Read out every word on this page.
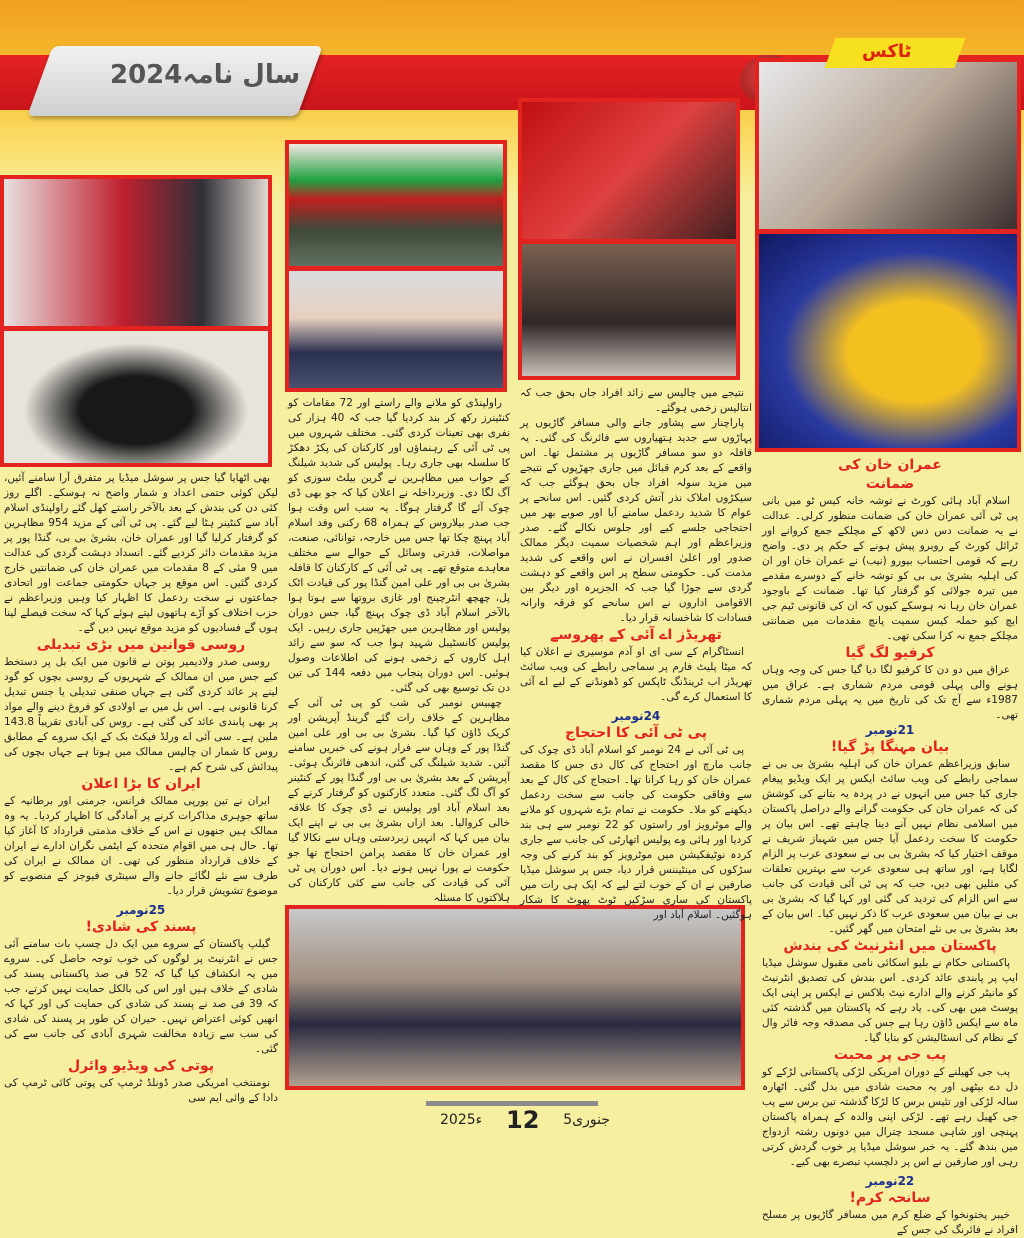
سال نامہ2024
ٹاکس
عمران خان کی
ضمانت

اسلام آباد ہائی کورٹ نے توشہ خانہ کیس ٹو میں بانی پی ٹی آئی عمران خان کی ضمانت منظور کرلی۔ عدالت نے یہ ضمانت دس دس لاکھ کے مچلکے جمع کروانے اور ٹرائل کورٹ کے روبرو پیش ہونے کے حکم پر دی۔ واضح رہے کہ قومی احتساب بیورو (نیب) نے عمران خان اور ان کی اہلیہ بشریٰ بی بی کو توشہ خانے کے دوسرے مقدمے میں تیرہ جولائی کو گرفتار کیا تھا۔ ضمانت کے باوجود عمران خان رہا نہ ہوسکے کیوں کہ ان کی قانونی ٹیم جی ایچ کیو حملہ کیس سمیت پانچ مقدمات میں ضمانتی مچلکے جمع نہ کرا سکی تھی۔

کرفیو لگ گیا

عراق میں دو دن کا کرفیو لگا دیا گیا جس کی وجہ وہاں ہونے والی پہلی قومی مردم شماری ہے۔ عراق میں 1987ء سے آج تک کی تاریخ میں یہ پہلی مردم شماری تھی۔

21نومبر
بیان مہنگا پڑ گیا!

سابق وزیراعظم عمران خان کی اہلیہ بشریٰ بی بی نے سماجی رابطے کی ویب سائٹ ایکس پر ایک ویڈیو پیغام جاری کیا جس میں انہوں نے در پردہ یہ بتانے کی کوشش کی کہ عمران خان کی حکومت گرانے والے دراصل پاکستان میں اسلامی نظام نہیں آنے دینا چاہتے تھے۔ اس بیان پر حکومت کا سخت ردعمل آیا جس میں شہباز شریف نے موقف اختیار کیا کہ بشریٰ بی بی نے سعودی عرب پر الزام لگایا ہے، اور ساتھ ہی سعودی عرب سے بہترین تعلقات کی مثلیں بھی دیں، جب کہ پی ٹی آئی قیادت کی جانب سے اس الزام کی تردید کی گئی اور کہا گیا کہ بشریٰ بی بی نے بیان میں سعودی عرب کا ذکر نہیں کیا۔ اس بیان کے بعد بشریٰ بی بی نئے امتحان میں گھر گئیں۔

پاکستان میں انٹرنیٹ کی بندش

پاکستانی حکام نے بلیو اسکائی نامی مقبول سوشل میڈیا ایپ پر پابندی عائد کردی۔ اس بندش کی تصدیق انٹرنیٹ کو مانیٹر کرنے والے ادارے نیٹ بلاکس نے ایکس پر اپنی ایک پوسٹ میں بھی کی۔ یاد رہے کہ پاکستان میں گذشتہ کئی ماہ سے ایکس ڈاؤن رہا ہے جس کی مصدقہ وجہ فائر وال کے نظام کی انسٹالیشن کو بتایا گیا۔

پب جی پر محبت

پب جی کھیلنے کے دوران امریکی لڑکی پاکستانی لڑکے کو دل دے بیٹھی اور یہ محبت شادی میں بدل گئی۔ اٹھارہ سالہ لڑکی اور تئیس برس کا لڑکا گذشتہ تین برس سے پب جی کھیل رہے تھے۔ لڑکی اپنی والدہ کے ہمراہ پاکستان پہنچی اور شاہی مسجد چترال میں دونوں رشتہ ازدواج میں بندھ گئے۔ یہ خبر سوشل میڈیا پر خوب گردش کرتی رہی اور صارفین نے اس پر دلچسپ تبصرے بھی کیے۔

22نومبر
سانحہ کرم!

خیبر پختونخوا کے ضلع کرم میں مسافر گاڑیوں پر مسلح افراد نے فائرنگ کی جس کے

نتیجے میں چالیس سے زائد افراد جاں بحق جب کہ انتالیس زخمی ہوگئے۔

پاراچنار سے پشاور جانے والی مسافر گاڑیوں پر پہاڑوں سے جدید ہتھیاروں سے فائرنگ کی گئی۔ یہ قافلہ دو سو مسافر گاڑیوں پر مشتمل تھا۔ اس واقعے کے بعد کرم قبائل میں جاری جھڑپوں کے نتیجے میں مزید سولہ افراد جاں بحق ہوگئے جب کہ سیکڑوں املاک نذر آتش کردی گئیں۔ اس سانحے پر عوام کا شدید ردعمل سامنے آیا اور صوبے بھر میں احتجاجی جلسے کیے اور جلوس نکالے گئے۔ صدر وزیراعظم اور اہم شخصیات سمیت دیگر ممالک صدور اور اعلیٰ افسران نے اس واقعے کی شدید مذمت کی۔ حکومتی سطح پر اس واقعے کو دہشت گردی سے جوڑا گیا جب کہ الجزیرہ اور دیگر بین الاقوامی اداروں نے اس سانحے کو فرقہ وارانہ فسادات کا شاخسانہ قرار دیا۔

تھریڈز اے آئی کے بھروسے

انسٹاگرام کے سی ای او آدم موسیری نے اعلان کیا کہ میٹا پلیٹ فارم پر سماجی رابطے کی ویب سائٹ تھریڈز اب ٹرینڈنگ ٹاپکس کو ڈھونڈنے کے لیے اے آئی کا استعمال کرے گی۔

24نومبر
پی ٹی آئی کا احتجاج

پی ٹی آئی نے 24 نومبر کو اسلام آباد ڈی چوک کی جانب مارچ اور احتجاج کی کال دی جس کا مقصد عمران خان کو رہا کرانا تھا۔ احتجاج کی کال کے بعد سے وفاقی حکومت کی جانب سے سخت ردعمل دیکھنے کو ملا۔ حکومت نے تمام بڑے شہروں کو ملانے والے موٹرویز اور راستوں کو 22 نومبر سے ہی بند کردیا اور ہائی وے پولیس اتھارٹی کی جانب سے جاری کردہ نوٹیفکیشن میں موٹرویز کو بند کرنے کی وجہ سڑکوں کی مینٹیننس قرار دیا، جس پر سوشل میڈیا صارفین نے ان کے خوب لتے لیے کہ ایک ہی رات میں پاکستان کی ساری سڑکیں ٹوٹ پھوٹ کا شکار ہوگئیں۔ اسلام آباد اور

راولپنڈی کو ملانے والے راستے اور 72 مقامات کو کنٹینرز رکھ کر بند کردیا گیا جب کہ 40 ہزار کی نفری بھی تعینات کردی گئی۔ مختلف شہروں میں پی ٹی آئی کے رہنماؤں اور کارکنان کی پکڑ دھکڑ کا سلسلہ بھی جاری رہا۔ پولیس کی شدید شیلنگ کے جواب میں مظاہرین نے گرین بیلٹ سوزی کو آگ لگا دی۔ وزیرداخلہ نے اعلان کیا کہ جو بھی ڈی چوک آئے گا گرفتار ہوگا۔ یہ سب اس وقت ہوا جب صدر بیلاروس کے ہمراہ 68 رکنی وفد اسلام آباد پہنچ چکا تھا جس میں خارجہ، توانائی، صنعت، مواصلات، قدرتی وسائل کے حوالے سے مختلف معاہدے متوقع تھے۔ پی ٹی آئی کے کارکنان کا قافلہ بشریٰ بی بی اور علی امین گنڈا پور کی قیادت اٹک پل، چھچھ انٹرچینج اور غازی بروتھا سے ہوتا ہوا بالآخر اسلام آباد ڈی چوک پہنچ گیا، جس دوران پولیس اور مظاہرین میں جھڑپیں جاری رہیں۔ ایک پولیس کانسٹیبل شہید ہوا جب کہ سو سے زائد اہل کاروں کے زخمی ہونے کی اطلاعات وصول ہوئیں۔ اس دوران پنجاب میں دفعہ 144 کی تین دن تک توسیع بھی کی گئی۔

چھبیس نومبر کی شب کو پی ٹی آئی کے مظاہرین کے خلاف رات گئے گرینڈ آپریشن اور کریک ڈاؤن کیا گیا۔ بشریٰ بی بی اور علی امین گنڈا پور کے وہاں سے فرار ہونے کی خبریں سامنے آئیں۔ شدید شیلنگ کی گئی، اندھی فائرنگ ہوئی۔ آپریشن کے بعد بشریٰ بی بی اور گنڈا پور کے کنٹینر کو آگ لگ گئی۔ متعدد کارکنوں کو گرفتار کرنے کے بعد اسلام آباد اور پولیس نے ڈی چوک کا علاقہ خالی کروالیا۔ بعد ازاں بشریٰ بی بی نے اپنے ایک بیان میں کہا کہ انہیں زبردستی وہاں سے نکالا گیا اور عمران خان کا مقصد پرامن احتجاج تھا جو حکومت نے پورا نہیں ہونے دیا۔ اس دوران پی ٹی آئی کی قیادت کی جانب سے کئی کارکنان کی ہلاکتوں کا مسئلہ

بھی اٹھایا گیا جس پر سوشل میڈیا پر متفرق آرا سامنے آئیں، لیکن کوئی حتمی اعداد و شمار واضح نہ ہوسکے۔ اگلے روز کئی دن کی بندش کے بعد بالآخر راستے کھل گئے راولپنڈی اسلام آباد سے کنٹینر ہٹا لیے گئے۔ پی ٹی آئی کے مزید 954 مظاہرین کو گرفتار کرلیا گیا اور عمران خان، بشریٰ بی بی، گنڈا پور پر مزید مقدمات دائر کردیے گئے۔ انسداد دہشت گردی کی عدالت میں 9 مئی کے 8 مقدمات میں عمران خان کی ضمانتیں خارج کردی گئیں۔ اس موقع پر جہاں حکومتی جماعت اور اتحادی جماعتوں نے سخت ردعمل کا اظہار کیا وہیں وزیراعظم نے حزب اختلاف کو آڑے ہاتھوں لیتے ہوئے کہا کہ سخت فیصلے لینا ہوں گے فسادیوں کو مزید موقع نہیں دیں گے۔

روسی قوانین میں بڑی تبدیلی

روسی صدر ولادیمیر پوتن نے قانون میں ایک بل پر دستخط کیے جس میں ان ممالک کے شہریوں کے روسی بچوں کو گود لینے پر عائد کردی گئی ہے جہاں صنفی تبدیلی یا جنس تبدیل کرنا قانونی ہے۔ اس بل میں بے اولادی کو فروغ دینے والے مواد پر بھی پابندی عائد کی گئی ہے۔ روس کی آبادی تقریباً 143.8 ملین ہے۔ سی آئی اے ورلڈ فیکٹ بک کے ایک سروے کے مطابق روس کا شمار ان چالیس ممالک میں ہوتا ہے جہاں بچوں کی پیدائش کی شرح کم ہے۔

ایران کا بڑا اعلان

ایران نے تین یورپی ممالک فرانس، جرمنی اور برطانیہ کے ساتھ جوہری مذاکرات کرنے پر آمادگی کا اظہار کردیا۔ یہ وہ ممالک ہیں جنھوں نے اس کے خلاف مذمتی قرارداد کا آغاز کیا تھا۔ حال ہی میں اقوام متحدہ کے ایٹمی نگران ادارے نے ایران کے خلاف قرارداد منظور کی تھی۔ ان ممالک نے ایران کی طرف سے نئے لگائے جانے والے سینٹری فیوجز کے منصوبے کو موضوع تشویش قرار دیا۔

25نومبر
پسند کی شادی!

گیلپ پاکستان کے سروے میں ایک دل چسپ بات سامنے آئی جس نے انٹرنیٹ پر لوگوں کی خوب توجہ حاصل کی۔ سروے میں یہ انکشاف کیا گیا کہ 52 فی صد پاکستانی پسند کی شادی کے خلاف ہیں اور اس کی بالکل حمایت نہیں کرتے، جب کہ 39 فی صد نے پسند کی شادی کی حمایت کی اور کہا کہ انھیں کوئی اعتراض نہیں۔ حیران کن طور پر پسند کی شادی کی سب سے زیادہ مخالفت شہری آبادی کی جانب سے کی گئی۔

پوتی کی ویڈیو وائرل

نومنتخب امریکی صدر ڈونلڈ ٹرمپ کی پوتی کائی ٹرمپ کی دادا کے وائی ایم سی

2025ء 12 5جنوری
